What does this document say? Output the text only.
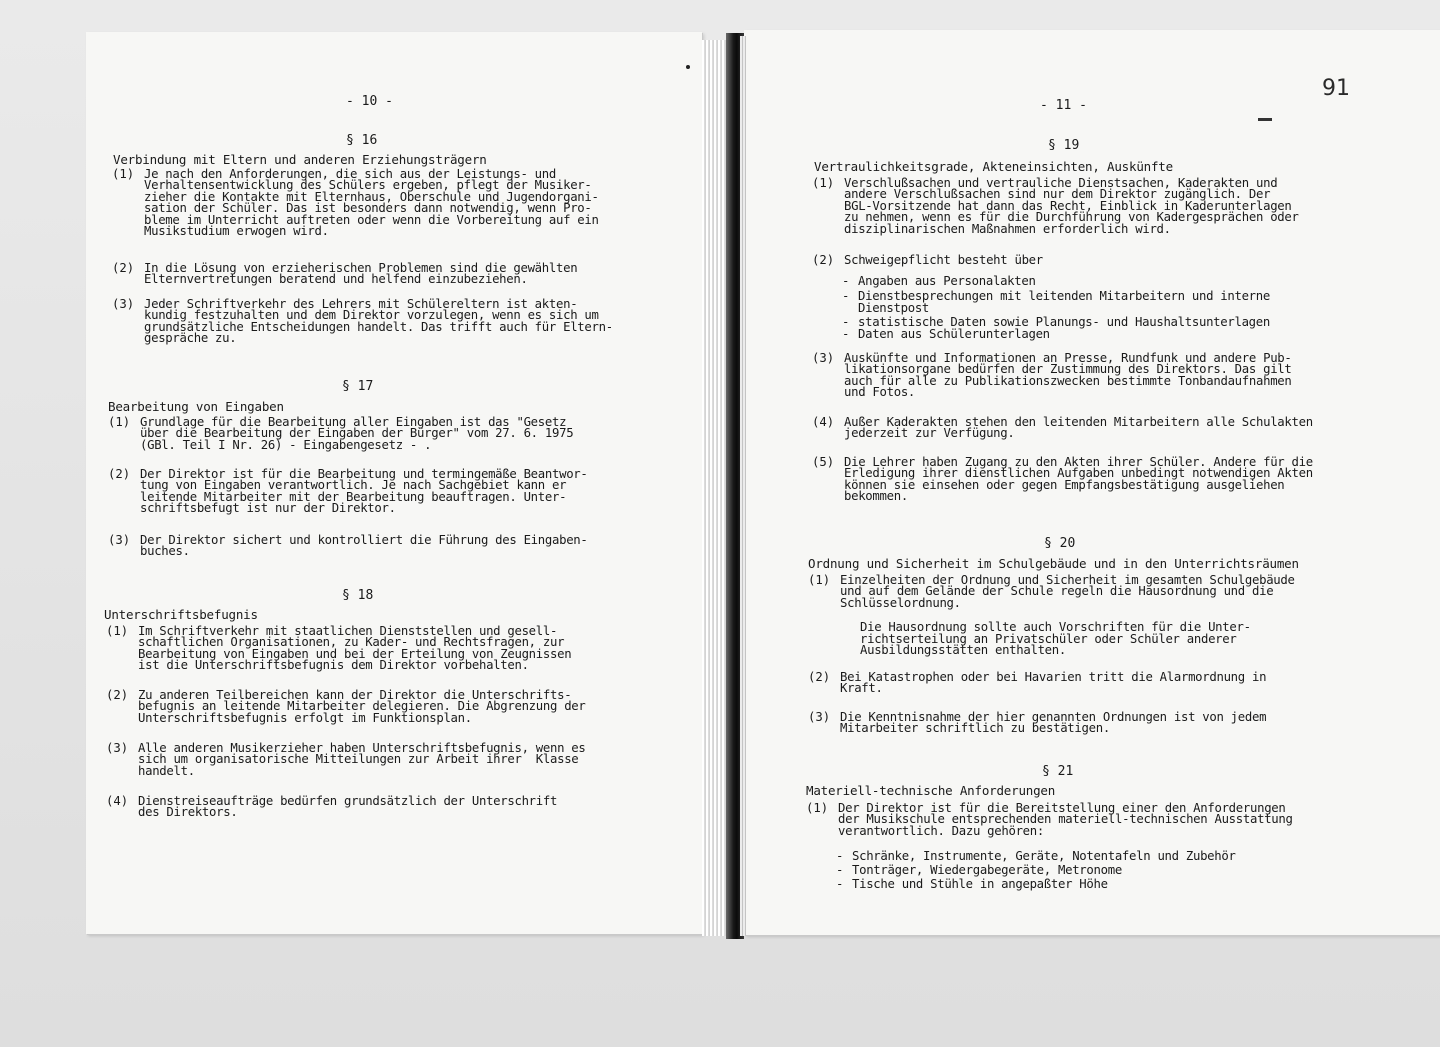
- 10 -
§ 16
Verbindung mit Eltern und anderen Erziehungsträgern
(1) Je nach den Anforderungen, die sich aus der Leistungs- und
Verhaltensentwicklung des Schülers ergeben, pflegt der Musiker-
zieher die Kontakte mit Elternhaus, Oberschule und Jugendorgani-
sation der Schüler. Das ist besonders dann notwendig, wenn Pro-
bleme im Unterricht auftreten oder wenn die Vorbereitung auf ein
Musikstudium erwogen wird.
(2) In die Lösung von erzieherischen Problemen sind die gewählten
Elternvertretungen beratend und helfend einzubeziehen.
(3) Jeder Schriftverkehr des Lehrers mit Schülereltern ist akten-
kundig festzuhalten und dem Direktor vorzulegen, wenn es sich um
grundsätzliche Entscheidungen handelt. Das trifft auch für Eltern-
gespräche zu.
§ 17
Bearbeitung von Eingaben
(1) Grundlage für die Bearbeitung aller Eingaben ist das "Gesetz
über die Bearbeitung der Eingaben der Bürger" vom 27. 6. 1975
(GBl. Teil I Nr. 26) - Eingabengesetz - .
(2) Der Direktor ist für die Bearbeitung und termingemäße Beantwor-
tung von Eingaben verantwortlich. Je nach Sachgebiet kann er
leitende Mitarbeiter mit der Bearbeitung beauftragen. Unter-
schriftsbefugt ist nur der Direktor.
(3) Der Direktor sichert und kontrolliert die Führung des Eingaben-
buches.
§ 18
Unterschriftsbefugnis
(1) Im Schriftverkehr mit staatlichen Dienststellen und gesell-
schaftlichen Organisationen, zu Kader- und Rechtsfragen, zur
Bearbeitung von Eingaben und bei der Erteilung von Zeugnissen
ist die Unterschriftsbefugnis dem Direktor vorbehalten.
(2) Zu anderen Teilbereichen kann der Direktor die Unterschrifts-
befugnis an leitende Mitarbeiter delegieren. Die Abgrenzung der
Unterschriftsbefugnis erfolgt im Funktionsplan.
(3) Alle anderen Musikerzieher haben Unterschriftsbefugnis, wenn es
sich um organisatorische Mitteilungen zur Arbeit ihrer  Klasse
handelt.
(4) Dienstreiseaufträge bedürfen grundsätzlich der Unterschrift
des Direktors.
91
- 11 -
§ 19
Vertraulichkeitsgrade, Akteneinsichten, Auskünfte
(1) Verschlußsachen und vertrauliche Dienstsachen, Kaderakten und
andere Verschlußsachen sind nur dem Direktor zugänglich. Der
BGL-Vorsitzende hat dann das Recht, Einblick in Kaderunterlagen
zu nehmen, wenn es für die Durchführung von Kadergesprächen oder
disziplinarischen Maßnahmen erforderlich wird.
(2) Schweigepflicht besteht über
- Angaben aus Personalakten
- Dienstbesprechungen mit leitenden Mitarbeitern und interne
Dienstpost
- statistische Daten sowie Planungs- und Haushaltsunterlagen
- Daten aus Schülerunterlagen
(3) Auskünfte und Informationen an Presse, Rundfunk und andere Pub-
likationsorgane bedürfen der Zustimmung des Direktors. Das gilt
auch für alle zu Publikationszwecken bestimmte Tonbandaufnahmen
und Fotos.
(4) Außer Kaderakten stehen den leitenden Mitarbeitern alle Schulakten
jederzeit zur Verfügung.
(5) Die Lehrer haben Zugang zu den Akten ihrer Schüler. Andere für die
Erledigung ihrer dienstlichen Aufgaben unbedingt notwendigen Akten
können sie einsehen oder gegen Empfangsbestätigung ausgeliehen
bekommen.
§ 20
Ordnung und Sicherheit im Schulgebäude und in den Unterrichtsräumen
(1) Einzelheiten der Ordnung und Sicherheit im gesamten Schulgebäude
und auf dem Gelände der Schule regeln die Hausordnung und die
Schlüsselordnung.
Die Hausordnung sollte auch Vorschriften für die Unter-
richtserteilung an Privatschüler oder Schüler anderer
Ausbildungsstätten enthalten.
(2) Bei Katastrophen oder bei Havarien tritt die Alarmordnung in
Kraft.
(3) Die Kenntnisnahme der hier genannten Ordnungen ist von jedem
Mitarbeiter schriftlich zu bestätigen.
§ 21
Materiell-technische Anforderungen
(1) Der Direktor ist für die Bereitstellung einer den Anforderungen
der Musikschule entsprechenden materiell-technischen Ausstattung
verantwortlich. Dazu gehören:
- Schränke, Instrumente, Geräte, Notentafeln und Zubehör
- Tonträger, Wiedergabegeräte, Metronome
- Tische und Stühle in angepaßter Höhe
